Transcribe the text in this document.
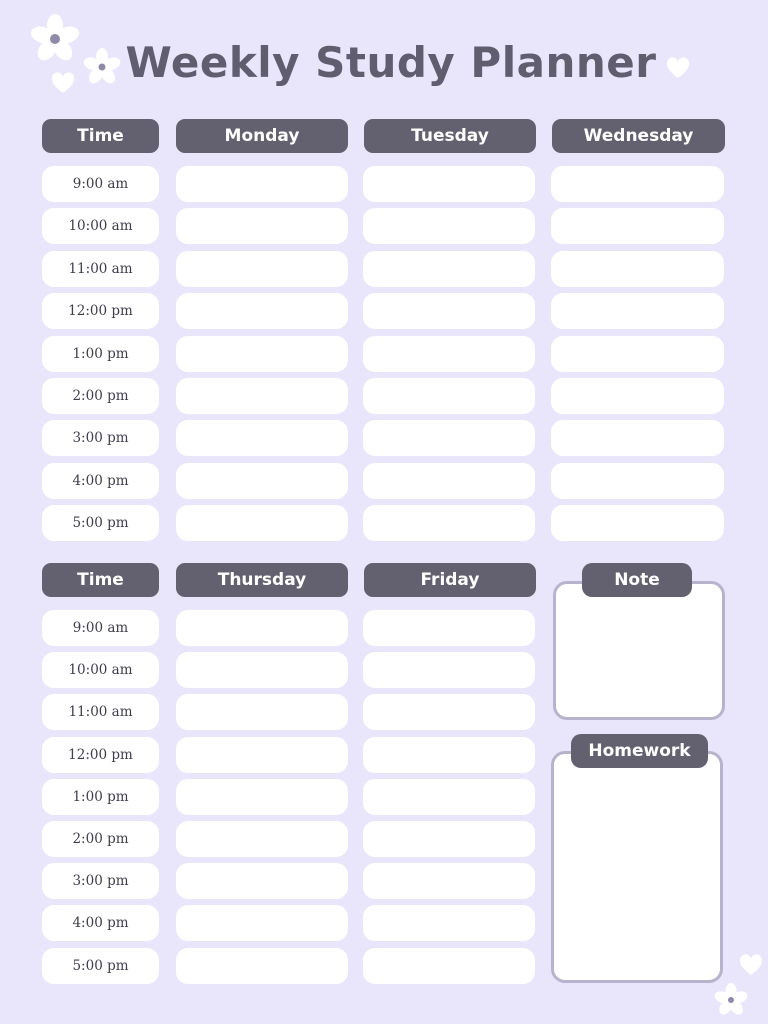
Weekly Study Planner
Time	Monday	Tuesday	Wednesday
9:00 am
10:00 am
11:00 am
12:00 pm
1:00 pm
2:00 pm
3:00 pm
4:00 pm
5:00 pm
Time	Thursday	Friday
9:00 am
10:00 am
11:00 am
12:00 pm
1:00 pm
2:00 pm
3:00 pm
4:00 pm
5:00 pm
Note
Homework
